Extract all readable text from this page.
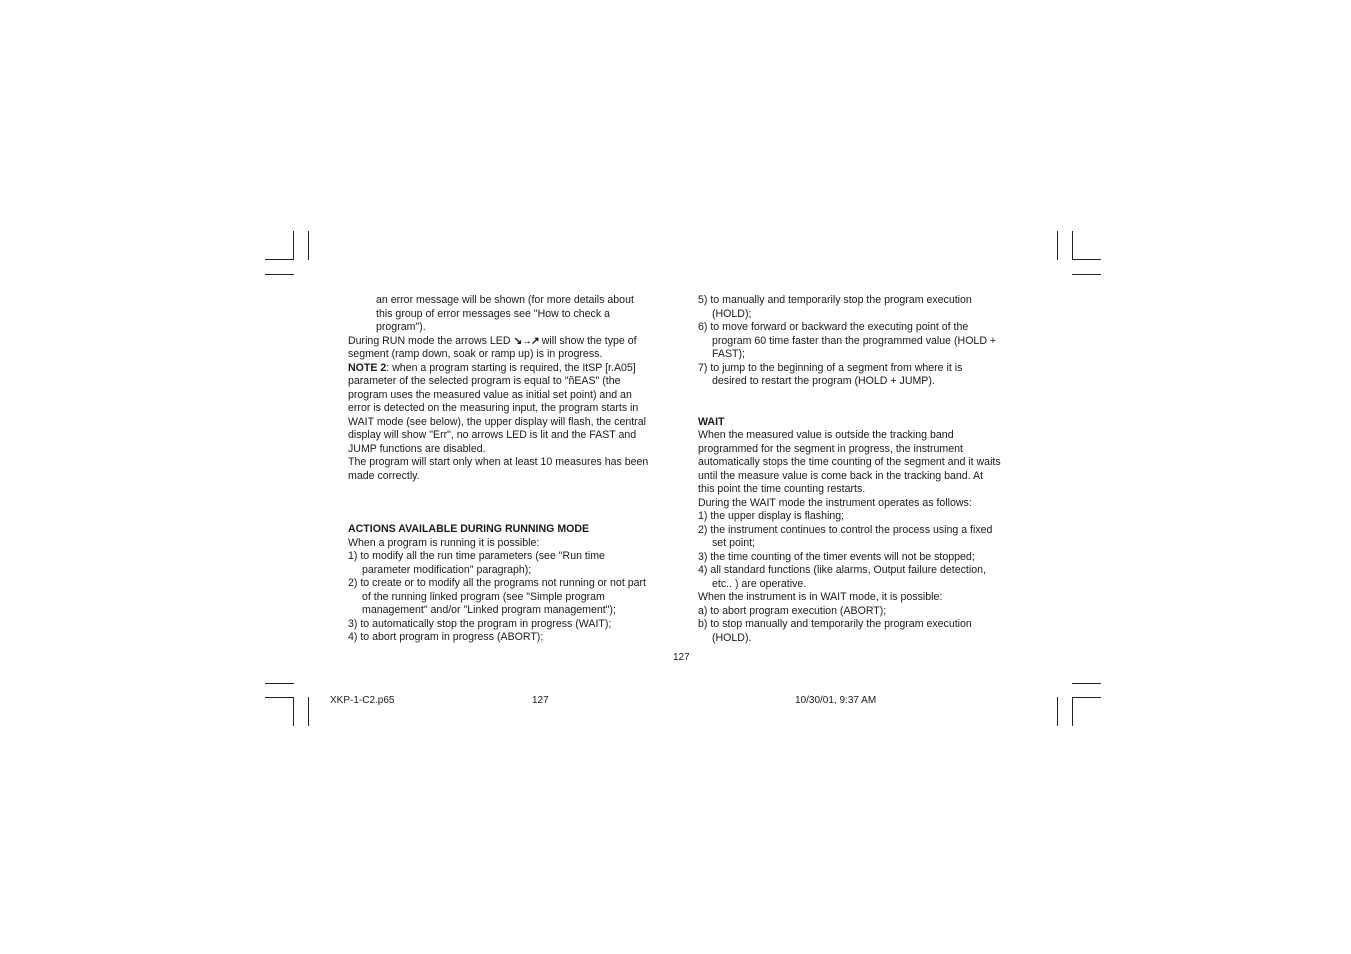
an error message will be shown (for more details about

this group of error messages see "How to check a

program").

During RUN mode the arrows LED ↘→↗ will show the type of

segment (ramp down, soak or ramp up) is in progress.

NOTE 2: when a program starting is required, the ItSP [r.A05]

parameter of the selected program is equal to "ñEAS" (the

program uses the measured value as initial set point) and an

error is detected on the measuring input, the program starts in

WAIT mode (see below), the upper display will flash, the central

display will show "Err", no arrows LED is lit and the FAST and

JUMP functions are disabled.

The program will start only when at least 10 measures has been

made correctly.

ACTIONS AVAILABLE DURING RUNNING MODE

When a program is running it is possible:

1) to modify all the run time parameters (see "Run time

parameter modification" paragraph);

2) to create or to modify all the programs not running or not part

of the running linked program (see "Simple program

management" and/or "Linked program management");

3) to automatically stop the program in progress (WAIT);

4) to abort program in progress (ABORT);

5) to manually and temporarily stop the program execution

(HOLD);

6) to move forward or backward the executing point of the

program 60 time faster than the programmed value (HOLD +

FAST);

7) to jump to the beginning of a segment from where it is

desired to restart the program (HOLD + JUMP).

WAIT

When the measured value is outside the tracking band

programmed for the segment in progress, the instrument

automatically stops the time counting of the segment and it waits

until the measure value is come back in the tracking band. At

this point the time counting restarts.

During the WAIT mode the instrument operates as follows:

1) the upper display is flashing;

2) the instrument continues to control the process using a fixed

set point;

3) the time counting of the timer events will not be stopped;

4) all standard functions (like alarms, Output failure detection,

etc.. ) are operative.

When the instrument is in WAIT mode, it is possible:

a) to abort program execution (ABORT);

b) to stop manually and temporarily the program execution

(HOLD).

127
XKP-1-C2.p65	127	10/30/01, 9:37 AM
